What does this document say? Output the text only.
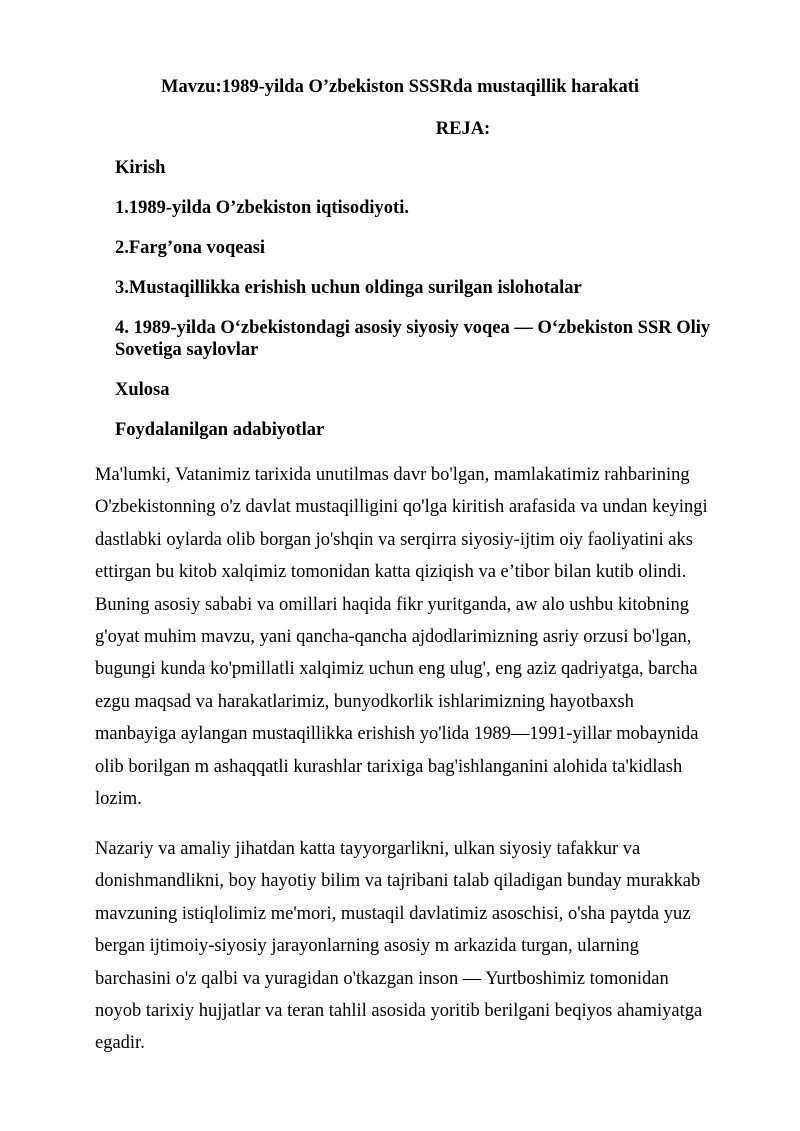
Mavzu:1989-yilda O’zbekiston SSSRda mustaqillik harakati
REJA:
Kirish
1.1989-yilda O’zbekiston iqtisodiyoti.
2.Farg’ona voqeasi
3.Mustaqillikka erishish uchun oldinga surilgan islohotalar
4. 1989-yilda O‘zbekistondagi asosiy siyosiy voqea — O‘zbekiston SSR Oliy Sovetiga saylovlar
Xulosa
Foydalanilgan adabiyotlar

Ma'lumki, Vatanimiz tarixida unutilmas davr bo'lgan, mamlakatimiz rahbarining O'zbekistonning o'z davlat mustaqilligini qo'lga kiritish arafasida va undan keyingi dastlabki oylarda olib borgan jo'shqin va serqirra siyosiy-ijtim oiy faoliyatini aks ettirgan bu kitob xalqimiz tomonidan katta qiziqish va e’tibor bilan kutib olindi. Buning asosiy sababi va omillari haqida fikr yuritganda, aw alo ushbu kitobning g'oyat muhim mavzu, yani qancha-qancha ajdodlarimizning asriy orzusi bo'lgan, bugungi kunda ko'pmillatli xalqimiz uchun eng ulug', eng aziz qadriyatga, barcha ezgu maqsad va harakatlarimiz, bunyodkorlik ishlarimizning hayotbaxsh manbayiga aylangan mustaqillikka erishish yo'lida 1989—1991-yillar mobaynida olib borilgan m ashaqqatli kurashlar tarixiga bag'ishlanganini alohida ta'kidlash lozim.

Nazariy va amaliy jihatdan katta tayyorgarlikni, ulkan siyosiy tafakkur va donishmandlikni, boy hayotiy bilim va tajribani talab qiladigan bunday murakkab mavzuning istiqlolimiz me'mori, mustaqil davlatimiz asoschisi, o'sha paytda yuz bergan ijtimoiy-siyosiy jarayonlarning asosiy m arkazida turgan, ularning barchasini o'z qalbi va yuragidan o'tkazgan inson — Yurtboshimiz tomonidan noyob tarixiy hujjatlar va teran tahlil asosida yoritib berilgani beqiyos ahamiyatga egadir.
